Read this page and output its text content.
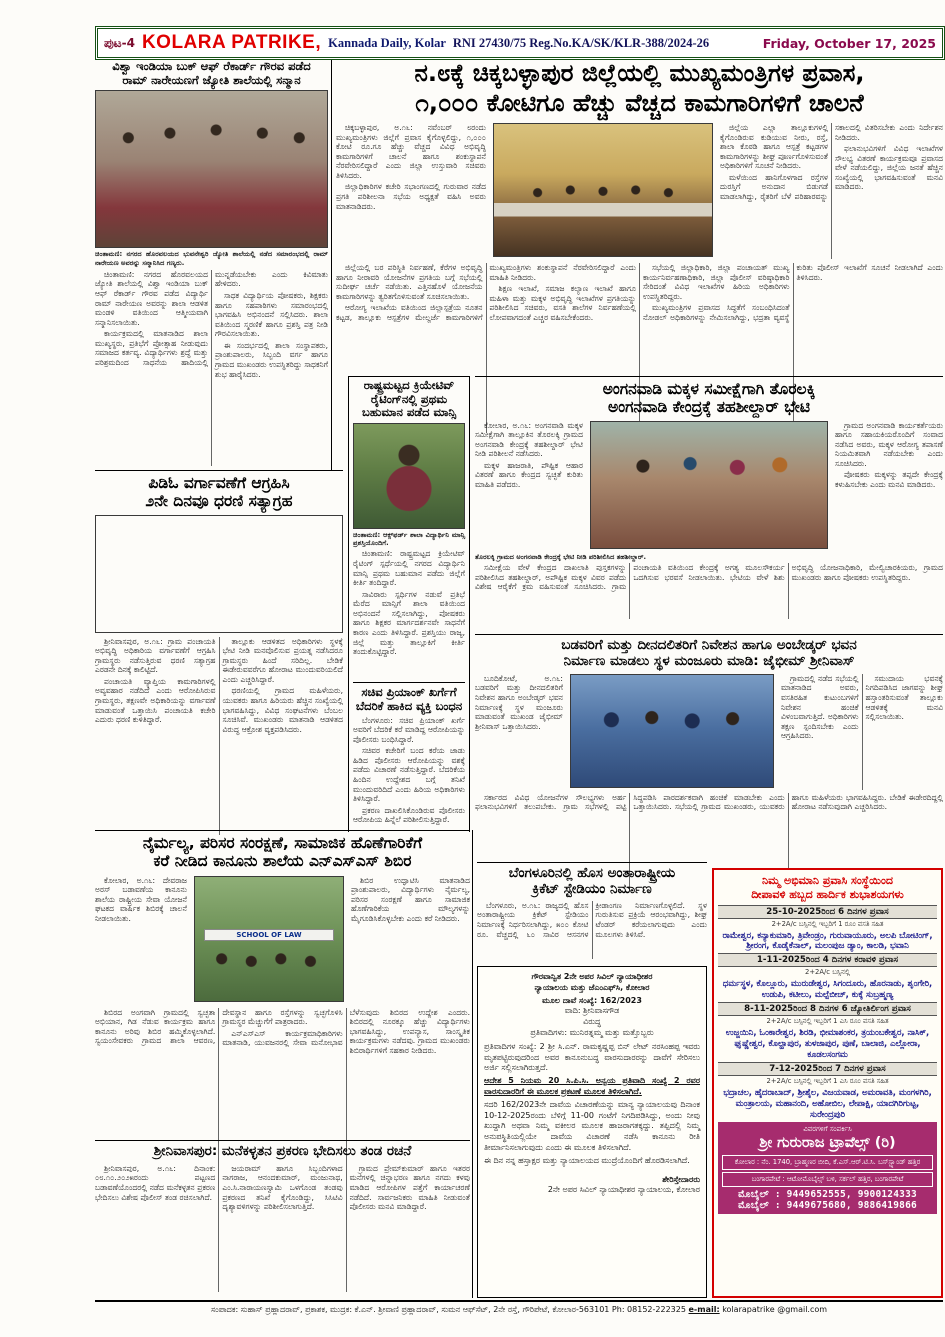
ಪುಟ-4 KOLARA PATRIKE, Kannada Daily, Kolar RNI 27430/75 Reg.No.KA/SK/KLR-388/2024-26	Friday, October 17, 2025
ವಿಶ್ವಾ ಇಂಡಿಯಾ ಬುಕ್ ಆಫ್ ರೆಕಾರ್ಡ್ ಗೌರವ ಪಡೆದ
ರಾಮ್ ನಾರೇಯಣಗೆ ಜ್ಯೋತಿ ಶಾಲೆಯಲ್ಲಿ ಸನ್ಮಾನ
ಚಿಂತಾಮಣಿ: ನಗರದ ಹೊರವಲಯದ ಭುವನೇಶ್ವರಿ ಜ್ಯೋತಿ ಶಾಲೆಯಲ್ಲಿ ನಡೆದ ಸಮಾರಂಭದಲ್ಲಿ ರಾಮ್ ನಾರೇಯಣ ಅವರನ್ನು ಸನ್ಮಾನಿಸಿದ ಗಣ್ಯರು.

ಚಿಂತಾಮಣಿ: ನಗರದ ಹೊರವಲಯದ ಜ್ಯೋತಿ ಶಾಲೆಯಲ್ಲಿ ವಿಶ್ವಾ ಇಂಡಿಯಾ ಬುಕ್ ಆಫ್ ರೆಕಾರ್ಡ್ ಗೌರವ ಪಡೆದ ವಿದ್ಯಾರ್ಥಿ ರಾಮ್ ನಾರೇಯಣ ಅವರನ್ನು ಶಾಲಾ ಆಡಳಿತ ಮಂಡಳಿ ವತಿಯಿಂದ ಆತ್ಮೀಯವಾಗಿ ಸನ್ಮಾನಿಸಲಾಯಿತು.

ಕಾರ್ಯಕ್ರಮದಲ್ಲಿ ಮಾತನಾಡಿದ ಶಾಲಾ ಮುಖ್ಯಸ್ಥರು, ಪ್ರತಿಭೆಗೆ ಪ್ರೋತ್ಸಾಹ ನೀಡುವುದು ಸಮಾಜದ ಕರ್ತವ್ಯ. ವಿದ್ಯಾರ್ಥಿಗಳು ಶ್ರದ್ಧೆ ಮತ್ತು ಪರಿಶ್ರಮದಿಂದ ಸಾಧನೆಯ ಹಾದಿಯಲ್ಲಿ ಮುನ್ನಡೆಯಬೇಕು ಎಂದು ಕಿವಿಮಾತು ಹೇಳಿದರು.

ಸಾಧಕ ವಿದ್ಯಾರ್ಥಿಯ ಪೋಷಕರು, ಶಿಕ್ಷಕರು ಹಾಗೂ ಸಹಪಾಠಿಗಳು ಸಮಾರಂಭದಲ್ಲಿ ಭಾಗವಹಿಸಿ ಅಭಿನಂದನೆ ಸಲ್ಲಿಸಿದರು. ಶಾಲಾ ವತಿಯಿಂದ ಸ್ಮರಣಿಕೆ ಹಾಗೂ ಪ್ರಶಸ್ತಿ ಪತ್ರ ನೀಡಿ ಗೌರವಿಸಲಾಯಿತು.

ಈ ಸಂದರ್ಭದಲ್ಲಿ ಶಾಲಾ ಸಂಸ್ಥಾಪಕರು, ಪ್ರಾಂಶುಪಾಲರು, ಸಿಬ್ಬಂದಿ ವರ್ಗ ಹಾಗೂ ಗ್ರಾಮದ ಮುಖಂಡರು ಉಪಸ್ಥಿತರಿದ್ದು ಸಾಧಕನಿಗೆ ಶುಭ ಹಾರೈಸಿದರು.

ನ.೮ಕ್ಕೆ ಚಿಕ್ಕಬಳ್ಳಾಪುರ ಜಿಲ್ಲೆಯಲ್ಲಿ ಮುಖ್ಯಮಂತ್ರಿಗಳ ಪ್ರವಾಸ,
೧,೦೦೦ ಕೋಟಿಗೂ ಹೆಚ್ಚು ವೆಚ್ಚದ ಕಾಮಗಾರಿಗಳಿಗೆ ಚಾಲನೆ

ಚಿಕ್ಕಬಳ್ಳಾಪುರ, ಅ.೧೬: ನವೆಂಬರ್ ೮ರಂದು ಮುಖ್ಯಮಂತ್ರಿಗಳು ಜಿಲ್ಲೆಗೆ ಪ್ರವಾಸ ಕೈಗೊಳ್ಳಲಿದ್ದು, ೧,೦೦೦ ಕೋಟಿ ರೂ.ಗೂ ಹೆಚ್ಚು ವೆಚ್ಚದ ವಿವಿಧ ಅಭಿವೃದ್ಧಿ ಕಾಮಗಾರಿಗಳಿಗೆ ಚಾಲನೆ ಹಾಗೂ ಶಂಕುಸ್ಥಾಪನೆ ನೆರವೇರಿಸಲಿದ್ದಾರೆ ಎಂದು ಜಿಲ್ಲಾ ಉಸ್ತುವಾರಿ ಸಚಿವರು ತಿಳಿಸಿದರು.

ಜಿಲ್ಲಾಧಿಕಾರಿಗಳ ಕಚೇರಿ ಸಭಾಂಗಣದಲ್ಲಿ ಗುರುವಾರ ನಡೆದ ಪ್ರಗತಿ ಪರಿಶೀಲನಾ ಸಭೆಯ ಅಧ್ಯಕ್ಷತೆ ವಹಿಸಿ ಅವರು ಮಾತನಾಡಿದರು.

ಜಿಲ್ಲೆಯ ಎಲ್ಲಾ ತಾಲ್ಲೂಕುಗಳಲ್ಲಿ ಕೈಗೊಂಡಿರುವ ಕುಡಿಯುವ ನೀರು, ರಸ್ತೆ, ಶಾಲಾ ಕೊಠಡಿ ಹಾಗೂ ಆಸ್ಪತ್ರೆ ಕಟ್ಟಡಗಳ ಕಾಮಗಾರಿಗಳನ್ನು ಶೀಘ್ರ ಪೂರ್ಣಗೊಳಿಸುವಂತೆ ಅಧಿಕಾರಿಗಳಿಗೆ ಸೂಚನೆ ನೀಡಿದರು.

ಮಳೆಯಿಂದ ಹಾನಿಗೊಳಗಾದ ರಸ್ತೆಗಳ ದುರಸ್ತಿಗೆ ಅನುದಾನ ಬಿಡುಗಡೆ ಮಾಡಲಾಗಿದ್ದು, ರೈತರಿಗೆ ಬೆಳೆ ಪರಿಹಾರವನ್ನು ಸಕಾಲದಲ್ಲಿ ವಿತರಿಸಬೇಕು ಎಂದು ನಿರ್ದೇಶನ ನೀಡಿದರು.

ಫಲಾನುಭವಿಗಳಿಗೆ ವಿವಿಧ ಇಲಾಖೆಗಳ ಸೌಲಭ್ಯ ವಿತರಣೆ ಕಾರ್ಯಕ್ರಮವೂ ಪ್ರವಾಸದ ವೇಳೆ ನಡೆಯಲಿದ್ದು, ಜಿಲ್ಲೆಯ ಜನತೆ ಹೆಚ್ಚಿನ ಸಂಖ್ಯೆಯಲ್ಲಿ ಭಾಗವಹಿಸುವಂತೆ ಮನವಿ ಮಾಡಿದರು.

ಜಿಲ್ಲೆಯಲ್ಲಿ ಬರ ಪರಿಸ್ಥಿತಿ ನಿರ್ವಹಣೆ, ಕೆರೆಗಳ ಅಭಿವೃದ್ಧಿ ಹಾಗೂ ನೀರಾವರಿ ಯೋಜನೆಗಳ ಪ್ರಗತಿಯ ಬಗ್ಗೆ ಸಭೆಯಲ್ಲಿ ಸುದೀರ್ಘ ಚರ್ಚೆ ನಡೆಯಿತು. ಎತ್ತಿನಹೊಳೆ ಯೋಜನೆಯ ಕಾಮಗಾರಿಗಳನ್ನು ತ್ವರಿತಗೊಳಿಸುವಂತೆ ಸೂಚಿಸಲಾಯಿತು.

ಆರೋಗ್ಯ ಇಲಾಖೆಯ ವತಿಯಿಂದ ಜಿಲ್ಲಾಸ್ಪತ್ರೆಯ ನೂತನ ಕಟ್ಟಡ, ತಾಲ್ಲೂಕು ಆಸ್ಪತ್ರೆಗಳ ಮೇಲ್ದರ್ಜೆ ಕಾಮಗಾರಿಗಳಿಗೆ ಮುಖ್ಯಮಂತ್ರಿಗಳು ಶಂಕುಸ್ಥಾಪನೆ ನೆರವೇರಿಸಲಿದ್ದಾರೆ ಎಂದು ಮಾಹಿತಿ ನೀಡಿದರು.

ಶಿಕ್ಷಣ ಇಲಾಖೆ, ಸಮಾಜ ಕಲ್ಯಾಣ ಇಲಾಖೆ ಹಾಗೂ ಮಹಿಳಾ ಮತ್ತು ಮಕ್ಕಳ ಅಭಿವೃದ್ಧಿ ಇಲಾಖೆಗಳ ಪ್ರಗತಿಯನ್ನು ಪರಿಶೀಲಿಸಿದ ಸಚಿವರು, ವಸತಿ ಶಾಲೆಗಳ ನಿರ್ವಹಣೆಯಲ್ಲಿ ಲೋಪವಾಗದಂತೆ ಎಚ್ಚರ ವಹಿಸಬೇಕೆಂದರು.

ಸಭೆಯಲ್ಲಿ ಜಿಲ್ಲಾಧಿಕಾರಿ, ಜಿಲ್ಲಾ ಪಂಚಾಯತ್ ಮುಖ್ಯ ಕಾರ್ಯನಿರ್ವಹಣಾಧಿಕಾರಿ, ಜಿಲ್ಲಾ ಪೊಲೀಸ್ ವರಿಷ್ಠಾಧಿಕಾರಿ ಸೇರಿದಂತೆ ವಿವಿಧ ಇಲಾಖೆಗಳ ಹಿರಿಯ ಅಧಿಕಾರಿಗಳು ಉಪಸ್ಥಿತರಿದ್ದರು.

ಮುಖ್ಯಮಂತ್ರಿಗಳ ಪ್ರವಾಸದ ಸಿದ್ಧತೆಗೆ ಸಂಬಂಧಿಸಿದಂತೆ ನೋಡಲ್ ಅಧಿಕಾರಿಗಳನ್ನು ನೇಮಿಸಲಾಗಿದ್ದು, ಭದ್ರತಾ ವ್ಯವಸ್ಥೆ ಕುರಿತು ಪೊಲೀಸ್ ಇಲಾಖೆಗೆ ಸೂಚನೆ ನೀಡಲಾಗಿದೆ ಎಂದು ತಿಳಿಸಿದರು.

ರಾಷ್ಟ್ರಮಟ್ಟದ ಕ್ರಿಯೇಟಿವ್
ರೈಟಿಂಗ್‌ನಲ್ಲಿ ಪ್ರಥಮ
ಬಹುಮಾನ ಪಡೆದ ಮಾನ್ಸಿ
ಚಿಂತಾಮಣಿ: ಆಕ್ಸ್‌ಫರ್ಡ್ ಶಾಲಾ ವಿದ್ಯಾರ್ಥಿನಿ ಮಾನ್ಸಿ ಪ್ರಶಸ್ತಿಯೊಂದಿಗೆ.

ಚಿಂತಾಮಣಿ: ರಾಷ್ಟ್ರಮಟ್ಟದ ಕ್ರಿಯೇಟಿವ್ ರೈಟಿಂಗ್ ಸ್ಪರ್ಧೆಯಲ್ಲಿ ನಗರದ ವಿದ್ಯಾರ್ಥಿನಿ ಮಾನ್ಸಿ ಪ್ರಥಮ ಬಹುಮಾನ ಪಡೆದು ಜಿಲ್ಲೆಗೆ ಕೀರ್ತಿ ತಂದಿದ್ದಾರೆ.

ಸಾವಿರಾರು ಸ್ಪರ್ಧಿಗಳ ನಡುವೆ ಪ್ರತಿಭೆ ಮೆರೆದ ಮಾನ್ಸಿಗೆ ಶಾಲಾ ವತಿಯಿಂದ ಅಭಿನಂದನೆ ಸಲ್ಲಿಸಲಾಗಿದ್ದು, ಪೋಷಕರು ಹಾಗೂ ಶಿಕ್ಷಕರ ಮಾರ್ಗದರ್ಶನವೇ ಸಾಧನೆಗೆ ಕಾರಣ ಎಂದು ತಿಳಿಸಿದ್ದಾರೆ. ಪ್ರಶಸ್ತಿಯು ರಾಜ್ಯ, ಜಿಲ್ಲೆ ಮತ್ತು ತಾಲ್ಲೂಕಿಗೆ ಕೀರ್ತಿ ತಂದುಕೊಟ್ಟಿದ್ದಾರೆ.

ಸಚಿವ ಪ್ರಿಯಾಂಕ್ ಖರ್ಗೆಗೆ
ಬೆದರಿಕೆ ಹಾಕಿದ ವ್ಯಕ್ತಿ ಬಂಧನ

ಬೆಂಗಳೂರು: ಸಚಿವ ಪ್ರಿಯಾಂಕ್ ಖರ್ಗೆ ಅವರಿಗೆ ಬೆದರಿಕೆ ಕರೆ ಮಾಡಿದ್ದ ಆರೋಪಿಯನ್ನು ಪೊಲೀಸರು ಬಂಧಿಸಿದ್ದಾರೆ.

ಸಚಿವರ ಕಚೇರಿಗೆ ಬಂದ ಕರೆಯ ಜಾಡು ಹಿಡಿದ ಪೊಲೀಸರು ಆರೋಪಿಯನ್ನು ವಶಕ್ಕೆ ಪಡೆದು ವಿಚಾರಣೆ ನಡೆಸುತ್ತಿದ್ದಾರೆ. ಬೆದರಿಕೆಯ ಹಿಂದಿನ ಉದ್ದೇಶದ ಬಗ್ಗೆ ತನಿಖೆ ಮುಂದುವರಿದಿದೆ ಎಂದು ಹಿರಿಯ ಅಧಿಕಾರಿಗಳು ತಿಳಿಸಿದ್ದಾರೆ.

ಪ್ರಕರಣ ದಾಖಲಿಸಿಕೊಂಡಿರುವ ಪೊಲೀಸರು ಆರೋಪಿಯ ಹಿನ್ನೆಲೆ ಪರಿಶೀಲಿಸುತ್ತಿದ್ದಾರೆ.

ಪಿಡಿಓ ವರ್ಗಾವಣೆಗೆ ಆಗ್ರಹಿಸಿ
೨ನೇ ದಿನವೂ ಧರಣಿ ಸತ್ಯಾಗ್ರಹ

ಶ್ರೀನಿವಾಸಪುರ, ಅ.೧೬: ಗ್ರಾಮ ಪಂಚಾಯತಿ ಅಭಿವೃದ್ಧಿ ಅಧಿಕಾರಿಯ ವರ್ಗಾವಣೆಗೆ ಆಗ್ರಹಿಸಿ ಗ್ರಾಮಸ್ಥರು ನಡೆಸುತ್ತಿರುವ ಧರಣಿ ಸತ್ಯಾಗ್ರಹ ಎರಡನೇ ದಿನಕ್ಕೆ ಕಾಲಿಟ್ಟಿದೆ.

ಪಂಚಾಯತಿ ವ್ಯಾಪ್ತಿಯ ಕಾಮಗಾರಿಗಳಲ್ಲಿ ಅವ್ಯವಹಾರ ನಡೆದಿದೆ ಎಂದು ಆರೋಪಿಸಿರುವ ಗ್ರಾಮಸ್ಥರು, ತಕ್ಷಣವೇ ಅಧಿಕಾರಿಯನ್ನು ವರ್ಗಾವಣೆ ಮಾಡುವಂತೆ ಒತ್ತಾಯಿಸಿ ಪಂಚಾಯತಿ ಕಚೇರಿ ಎದುರು ಧರಣಿ ಕುಳಿತಿದ್ದಾರೆ.

ತಾಲ್ಲೂಕು ಆಡಳಿತದ ಅಧಿಕಾರಿಗಳು ಸ್ಥಳಕ್ಕೆ ಭೇಟಿ ನೀಡಿ ಮನವೊಲಿಸುವ ಪ್ರಯತ್ನ ನಡೆಸಿದರೂ ಗ್ರಾಮಸ್ಥರು ಹಿಂದೆ ಸರಿದಿಲ್ಲ. ಬೇಡಿಕೆ ಈಡೇರುವವರೆಗೂ ಹೋರಾಟ ಮುಂದುವರಿಯಲಿದೆ ಎಂದು ಎಚ್ಚರಿಸಿದ್ದಾರೆ.

ಧರಣಿಯಲ್ಲಿ ಗ್ರಾಮದ ಮಹಿಳೆಯರು, ಯುವಕರು ಹಾಗೂ ಹಿರಿಯರು ಹೆಚ್ಚಿನ ಸಂಖ್ಯೆಯಲ್ಲಿ ಭಾಗವಹಿಸಿದ್ದು, ವಿವಿಧ ಸಂಘಟನೆಗಳು ಬೆಂಬಲ ಸೂಚಿಸಿವೆ. ಮುಖಂಡರು ಮಾತನಾಡಿ ಆಡಳಿತದ ವಿರುದ್ಧ ಆಕ್ರೋಶ ವ್ಯಕ್ತಪಡಿಸಿದರು.

ಅಂಗನವಾಡಿ ಮಕ್ಕಳ ಸಮೀಕ್ಷೆಗಾಗಿ ತೊರಲಕ್ಕಿ
ಅಂಗನವಾಡಿ ಕೇಂದ್ರಕ್ಕೆ ತಹಶೀಲ್ದಾರ್ ಭೇಟಿ

ಕೋಲಾರ, ಅ.೧೬: ಅಂಗನವಾಡಿ ಮಕ್ಕಳ ಸಮೀಕ್ಷೆಗಾಗಿ ತಾಲ್ಲೂಕಿನ ತೊರಲಕ್ಕಿ ಗ್ರಾಮದ ಅಂಗನವಾಡಿ ಕೇಂದ್ರಕ್ಕೆ ತಹಶೀಲ್ದಾರ್ ಭೇಟಿ ನೀಡಿ ಪರಿಶೀಲನೆ ನಡೆಸಿದರು.

ಮಕ್ಕಳ ಹಾಜರಾತಿ, ಪೌಷ್ಟಿಕ ಆಹಾರ ವಿತರಣೆ ಹಾಗೂ ಕೇಂದ್ರದ ಸ್ವಚ್ಛತೆ ಕುರಿತು ಮಾಹಿತಿ ಪಡೆದರು.

ಗ್ರಾಮದ ಅಂಗನವಾಡಿ ಕಾರ್ಯಕರ್ತೆಯರು ಹಾಗೂ ಸಹಾಯಕಿಯರೊಂದಿಗೆ ಸಂವಾದ ನಡೆಸಿದ ಅವರು, ಮಕ್ಕಳ ಆರೋಗ್ಯ ತಪಾಸಣೆ ನಿಯಮಿತವಾಗಿ ನಡೆಯಬೇಕು ಎಂದು ಸೂಚಿಸಿದರು.

ಪೋಷಕರು ಮಕ್ಕಳನ್ನು ತಪ್ಪದೇ ಕೇಂದ್ರಕ್ಕೆ ಕಳುಹಿಸಬೇಕು ಎಂದು ಮನವಿ ಮಾಡಿದರು.

ತೊರಲಕ್ಕಿ ಗ್ರಾಮದ ಅಂಗನವಾಡಿ ಕೇಂದ್ರಕ್ಕೆ ಭೇಟಿ ನೀಡಿ ಪರಿಶೀಲಿಸಿದ ತಹಶೀಲ್ದಾರ್.

ಸಮೀಕ್ಷೆಯ ವೇಳೆ ಕೇಂದ್ರದ ದಾಖಲಾತಿ ಪುಸ್ತಕಗಳನ್ನು ಪರಿಶೀಲಿಸಿದ ತಹಶೀಲ್ದಾರ್, ಅಪೌಷ್ಟಿಕ ಮಕ್ಕಳ ವಿವರ ಪಡೆದು ವಿಶೇಷ ಆರೈಕೆಗೆ ಕ್ರಮ ವಹಿಸುವಂತೆ ಸೂಚಿಸಿದರು. ಗ್ರಾಮ ಪಂಚಾಯತಿ ವತಿಯಿಂದ ಕೇಂದ್ರಕ್ಕೆ ಅಗತ್ಯ ಮೂಲಸೌಕರ್ಯ ಒದಗಿಸುವ ಭರವಸೆ ನೀಡಲಾಯಿತು. ಭೇಟಿಯ ವೇಳೆ ಶಿಶು ಅಭಿವೃದ್ಧಿ ಯೋಜನಾಧಿಕಾರಿ, ಮೇಲ್ವಿಚಾರಕಿಯರು, ಗ್ರಾಮದ ಮುಖಂಡರು ಹಾಗೂ ಪೋಷಕರು ಉಪಸ್ಥಿತರಿದ್ದರು.

ಬಡವರಿಗೆ ಮತ್ತು ದೀನದಲಿತರಿಗೆ ನಿವೇಶನ ಹಾಗೂ ಅಂಬೇಡ್ಕರ್ ಭವನ
ನಿರ್ಮಾಣ ಮಾಡಲು ಸ್ಥಳ ಮಂಜೂರು ಮಾಡಿ: ಜೈಭೀಮ್ ಶ್ರೀನಿವಾಸ್

ಬೂದಿಕೋಟೆ, ಅ.೧೬: ಬಡವರಿಗೆ ಮತ್ತು ದೀನದಲಿತರಿಗೆ ನಿವೇಶನ ಹಾಗೂ ಅಂಬೇಡ್ಕರ್ ಭವನ ನಿರ್ಮಾಣಕ್ಕೆ ಸ್ಥಳ ಮಂಜೂರು ಮಾಡುವಂತೆ ಮುಖಂಡ ಜೈಭೀಮ್ ಶ್ರೀನಿವಾಸ್ ಒತ್ತಾಯಿಸಿದರು.

ಗ್ರಾಮದಲ್ಲಿ ನಡೆದ ಸಭೆಯಲ್ಲಿ ಮಾತನಾಡಿದ ಅವರು, ವಸತಿರಹಿತ ಕುಟುಂಬಗಳಿಗೆ ನಿವೇಶನ ಹಂಚಿಕೆ ವಿಳಂಬವಾಗುತ್ತಿದೆ. ಅಧಿಕಾರಿಗಳು ತಕ್ಷಣ ಸ್ಪಂದಿಸಬೇಕು ಎಂದು ಆಗ್ರಹಿಸಿದರು.

ಸಮುದಾಯ ಭವನಕ್ಕೆ ನಿಗದಿಪಡಿಸಿದ ಜಾಗವನ್ನು ಶೀಘ್ರ ಹಸ್ತಾಂತರಿಸುವಂತೆ ತಾಲ್ಲೂಕು ಆಡಳಿತಕ್ಕೆ ಮನವಿ ಸಲ್ಲಿಸಲಾಯಿತು.

ಸರ್ಕಾರದ ವಿವಿಧ ಯೋಜನೆಗಳ ಸೌಲಭ್ಯಗಳು ಅರ್ಹ ಫಲಾನುಭವಿಗಳಿಗೆ ತಲುಪಬೇಕು. ಗ್ರಾಮ ಸಭೆಗಳಲ್ಲಿ ಪಟ್ಟಿ ಸಿದ್ಧಪಡಿಸಿ ಪಾರದರ್ಶಕವಾಗಿ ಹಂಚಿಕೆ ಮಾಡಬೇಕು ಎಂದು ಒತ್ತಾಯಿಸಿದರು. ಸಭೆಯಲ್ಲಿ ಗ್ರಾಮದ ಮುಖಂಡರು, ಯುವಕರು ಹಾಗೂ ಮಹಿಳೆಯರು ಭಾಗವಹಿಸಿದ್ದರು. ಬೇಡಿಕೆ ಈಡೇರದಿದ್ದಲ್ಲಿ ಹೋರಾಟ ನಡೆಸುವುದಾಗಿ ಎಚ್ಚರಿಸಿದರು.

ನೈರ್ಮಲ್ಯ, ಪರಿಸರ ಸಂರಕ್ಷಣೆ, ಸಾಮಾಜಿಕ ಹೊಣೆಗಾರಿಕೆಗೆ
ಕರೆ ನೀಡಿದ ಕಾನೂನು ಶಾಲೆಯ ಎನ್‌ಎಸ್‌ಎಸ್ ಶಿಬಿರ

ಕೋಲಾರ, ಅ.೧೬: ದೇವರಾಜ ಅರಸ್ ಬಡಾವಣೆಯ ಕಾನೂನು ಶಾಲೆಯ ರಾಷ್ಟ್ರೀಯ ಸೇವಾ ಯೋಜನೆ ಘಟಕದ ವಾರ್ಷಿಕ ಶಿಬಿರಕ್ಕೆ ಚಾಲನೆ ನೀಡಲಾಯಿತು.

SCHOOL OF LAW

ಶಿಬಿರ ಉದ್ಘಾಟಿಸಿ ಮಾತನಾಡಿದ ಪ್ರಾಂಶುಪಾಲರು, ವಿದ್ಯಾರ್ಥಿಗಳು ನೈರ್ಮಲ್ಯ, ಪರಿಸರ ಸಂರಕ್ಷಣೆ ಹಾಗೂ ಸಾಮಾಜಿಕ ಹೊಣೆಗಾರಿಕೆಯ ಮೌಲ್ಯಗಳನ್ನು ಮೈಗೂಡಿಸಿಕೊಳ್ಳಬೇಕು ಎಂದು ಕರೆ ನೀಡಿದರು.

ಶಿಬಿರದ ಅಂಗವಾಗಿ ಗ್ರಾಮದಲ್ಲಿ ಸ್ವಚ್ಛತಾ ಅಭಿಯಾನ, ಗಿಡ ನೆಡುವ ಕಾರ್ಯಕ್ರಮ ಹಾಗೂ ಕಾನೂನು ಅರಿವು ಶಿಬಿರ ಹಮ್ಮಿಕೊಳ್ಳಲಾಗಿದೆ. ಸ್ವಯಂಸೇವಕರು ಗ್ರಾಮದ ಶಾಲಾ ಆವರಣ, ದೇವಸ್ಥಾನ ಹಾಗೂ ರಸ್ತೆಗಳನ್ನು ಸ್ವಚ್ಛಗೊಳಿಸಿ ಗ್ರಾಮಸ್ಥರ ಮೆಚ್ಚುಗೆಗೆ ಪಾತ್ರರಾದರು.

ಎನ್‌ಎಸ್‌ಎಸ್ ಕಾರ್ಯಕ್ರಮಾಧಿಕಾರಿಗಳು ಮಾತನಾಡಿ, ಯುವಜನರಲ್ಲಿ ಸೇವಾ ಮನೋಭಾವ ಬೆಳೆಸುವುದು ಶಿಬಿರದ ಉದ್ದೇಶ ಎಂದರು. ಶಿಬಿರದಲ್ಲಿ ನೂರಕ್ಕೂ ಹೆಚ್ಚು ವಿದ್ಯಾರ್ಥಿಗಳು ಭಾಗವಹಿಸಿದ್ದು, ಉಪನ್ಯಾಸ, ಸಾಂಸ್ಕೃತಿಕ ಕಾರ್ಯಕ್ರಮಗಳು ನಡೆದವು. ಗ್ರಾಮದ ಮುಖಂಡರು ಶಿಬಿರಾರ್ಥಿಗಳಿಗೆ ಸಹಕಾರ ನೀಡಿದರು.

ಶ್ರೀನಿವಾಸಪುರ: ಮನೆಕಳ್ಳತನ ಪ್ರಕರಣ ಭೇದಿಸಲು ತಂಡ ರಚನೆ

ಶ್ರೀನಿವಾಸಪುರ, ಅ.೧೬: ದಿನಾಂಕ: ೦೮.೧೦.೨೦೨೫ರಂದು ಪಟ್ಟಣದ ಬಡಾವಣೆಯೊಂದರಲ್ಲಿ ನಡೆದ ಮನೆಕಳ್ಳತನ ಪ್ರಕರಣ ಭೇದಿಸಲು ವಿಶೇಷ ಪೊಲೀಸ್ ತಂಡ ರಚಿಸಲಾಗಿದೆ.

ಜಯರಾಮ್ ಹಾಗೂ ಸಿಬ್ಬಂದಿಗಳಾದ ನಾಗರಾಜ, ಆನಂದಕುಮಾರ್, ಮಂಜುನಾಥ, ಎಂ.ಸಿ.ನಾರಾಯಣಸ್ವಾಮಿ ಒಳಗೊಂಡ ತಂಡವು ಪ್ರಕರಣದ ತನಿಖೆ ಕೈಗೊಂಡಿದ್ದು, ಸಿಸಿಟಿವಿ ದೃಶ್ಯಾವಳಿಗಳನ್ನು ಪರಿಶೀಲಿಸಲಾಗುತ್ತಿದೆ.

ಗ್ರಾಮದ ಪ್ರೇಮ್‌ಕುಮಾರ್ ಹಾಗೂ ಇತರರ ಮನೆಗಳಲ್ಲಿ ಚಿನ್ನಾಭರಣ ಹಾಗೂ ನಗದು ಕಳವು ಮಾಡಿದ ಆರೋಪಿಗಳ ಪತ್ತೆಗೆ ಕಾರ್ಯಾಚರಣೆ ನಡೆದಿದೆ. ಸಾರ್ವಜನಿಕರು ಮಾಹಿತಿ ನೀಡುವಂತೆ ಪೊಲೀಸರು ಮನವಿ ಮಾಡಿದ್ದಾರೆ.

ಬೆಂಗಳೂರಿನಲ್ಲಿ ಹೊಸ ಅಂತಾರಾಷ್ಟ್ರೀಯ
ಕ್ರಿಕೆಟ್ ಸ್ಟೇಡಿಯಂ ನಿರ್ಮಾಣ

ಬೆಂಗಳೂರು, ಅ.೧೬: ರಾಜ್ಯದಲ್ಲಿ ಹೊಸ ಅಂತಾರಾಷ್ಟ್ರೀಯ ಕ್ರಿಕೆಟ್ ಸ್ಟೇಡಿಯಂ ನಿರ್ಮಾಣಕ್ಕೆ ನಿರ್ಧರಿಸಲಾಗಿದ್ದು, ೫೦೦ ಕೋಟಿ ರೂ. ವೆಚ್ಚದಲ್ಲಿ ೬೦ ಸಾವಿರ ಆಸನಗಳ ಕ್ರೀಡಾಂಗಣ ನಿರ್ಮಾಣಗೊಳ್ಳಲಿದೆ. ಸ್ಥಳ ಗುರುತಿಸುವ ಪ್ರಕ್ರಿಯೆ ಆರಂಭವಾಗಿದ್ದು, ಶೀಘ್ರ ಟೆಂಡರ್ ಕರೆಯಲಾಗುವುದು ಎಂದು ಮೂಲಗಳು ತಿಳಿಸಿವೆ.

ಗೌರವಾನ್ವಿತ 2ನೇ ಅಪರ ಸಿವಿಲ್ ನ್ಯಾಯಾಧೀಶರ
ನ್ಯಾಯಾಲಯ ಮತ್ತು ಜೆಎಂಎಫ್‌ಸಿ, ಕೋಲಾರ
ಮೂಲ ದಾವೆ ಸಂಖ್ಯೆ: 162/2023
ವಾದಿ: ಶ್ರೀನಿವಾಸಗೌಡ
ವಿರುದ್ಧ
ಪ್ರತಿವಾದಿಗಳು: ಮುನಿರತ್ನಮ್ಮ ಮತ್ತು ಮತ್ತೊಬ್ಬರು
ಪ್ರತಿವಾದಿಗಳ ಸಂಖ್ಯೆ: 2 ಶ್ರೀ ಸಿ.ಎನ್. ರಾಮಕೃಷ್ಣಪ್ಪ ಬಿನ್ ಲೇಟ್ ನರಸಿಂಹಪ್ಪ ಇವರು ಮೃತಪಟ್ಟಿರುವುದರಿಂದ ಅವರ ಕಾನೂನುಬದ್ಧ ವಾರಸುದಾರರನ್ನು ದಾವೆಗೆ ಸೇರಿಸಲು ಅರ್ಜಿ ಸಲ್ಲಿಸಲಾಗಿರುತ್ತದೆ.
ಆದೇಶ 5 ನಿಯಮ 20 ಸಿ.ಪಿ.ಸಿ. ಅನ್ವಯ ಪ್ರತಿವಾದಿ ಸಂಖ್ಯೆ 2 ರವರ ವಾರಸುದಾರರಿಗೆ ಈ ಮೂಲಕ ಪ್ರಕಟಣೆ ಮೂಲಕ ತಿಳಿಸಲಾಗಿದೆ.
ಸದರಿ 162/2023ನೇ ದಾವೆಯ ವಿಚಾರಣೆಯನ್ನು ಮಾನ್ಯ ನ್ಯಾಯಾಲಯವು ದಿನಾಂಕ 10-12-2025ರಂದು ಬೆಳಿಗ್ಗೆ 11-00 ಗಂಟೆಗೆ ನಿಗದಿಪಡಿಸಿದ್ದು, ಅಂದು ನೀವು ಖುದ್ದಾಗಿ ಅಥವಾ ನಿಮ್ಮ ವಕೀಲರ ಮೂಲಕ ಹಾಜರಾಗತಕ್ಕದ್ದು. ತಪ್ಪಿದಲ್ಲಿ ನಿಮ್ಮ ಅನುಪಸ್ಥಿತಿಯಲ್ಲಿಯೇ ದಾವೆಯ ವಿಚಾರಣೆ ನಡೆಸಿ ಕಾನೂನು ರೀತಿ ತೀರ್ಮಾನಿಸಲಾಗುವುದು ಎಂದು ಈ ಮೂಲಕ ತಿಳಿಸಲಾಗಿದೆ.
ಈ ದಿನ ನನ್ನ ಹಸ್ತಾಕ್ಷರ ಮತ್ತು ನ್ಯಾಯಾಲಯದ ಮುದ್ರೆಯೊಂದಿಗೆ ಹೊರಡಿಸಲಾಗಿದೆ.
ಶೇರಿಸ್ತೇದಾರರು
2ನೇ ಅಪರ ಸಿವಿಲ್ ನ್ಯಾಯಾಧೀಶರ ನ್ಯಾಯಾಲಯ, ಕೋಲಾರ
ನಿಮ್ಮ ಅಭಿಮಾನಿ ಪ್ರವಾಸಿ ಸಂಸ್ಥೆಯಿಂದ
ದೀಪಾವಳಿ ಹಬ್ಬದ ಹಾರ್ದಿಕ ಶುಭಾಶಯಗಳು
25-10-2025ರಿಂದ 6 ದಿನಗಳ ಪ್ರವಾಸ
2+2A/c ಬಸ್ಸಿನಲ್ಲಿ ಇಬ್ಬರಿಗೆ 1 ರೂಂ ವಸತಿ ಸಹಿತ
ರಾಮೇಶ್ವರ, ಕನ್ಯಾಕುಮಾರಿ, ತ್ರಿವೇಂಡ್ರಂ, ಗುರುವಾಯೂರು, ಅಲಪಿ ಬೋಟಿಂಗ್, ಶ್ರೀರಂಗ, ಕೊಡೈಕೆನಾಲ್, ಮಲಂಪುಜ ಡ್ಯಾಂ, ಕಾಲಡಿ, ಭವಾನಿ
1-11-2025ರಿಂದ 4 ದಿನಗಳ ಕರಾವಳಿ ಪ್ರವಾಸ
2+2A/c ಬಸ್ಸಿನಲ್ಲಿ
ಧರ್ಮಸ್ಥಳ, ಕೊಲ್ಲೂರು, ಮುರುಡೇಶ್ವರ, ಸಿಗಂದೂರು, ಹೊರನಾಡು, ಶೃಂಗೇರಿ, ಉಡುಪಿ, ಕಟೀಲು, ಮಲ್ಪೆಬೀಚ್, ಕುಕ್ಕೆ ಸುಬ್ರಹ್ಮಣ್ಯ
8-11-2025ರಿಂದ 8 ದಿನಗಳ 6 ಜ್ಯೋತಿರ್ಲಿಂಗ ಪ್ರವಾಸ
2+2A/c ಬಸ್ಸಿನಲ್ಲಿ ಇಬ್ಬರಿಗೆ 1 ಎಸಿ ರೂಂ ವಸತಿ ಸಹಿತ
ಉಜ್ಜಯಿನಿ, ಓಂಕಾರೇಶ್ವರ, ಶಿರಡಿ, ಭೀಮಾಶಂಕರ, ತ್ರಯಂಬಕೇಶ್ವರ, ನಾಸಿಕ್, ಘೃಷ್ಣೇಶ್ವರ, ಕೊಲ್ಹಾಪುರ, ತುಳಜಾಪುರ, ಪುಣೆ, ಬಾಲಾಜಿ, ಎಲ್ಲೋರಾ, ಕೂಡಲಸಂಗಮ
7-12-2025ರಿಂದ 7 ದಿನಗಳ ಪ್ರವಾಸ
2+2A/c ಬಸ್ಸಿನಲ್ಲಿ ಇಬ್ಬರಿಗೆ 1 ಎಸಿ ರೂಂ ವಸತಿ ಸಹಿತ
ಭದ್ರಾಚಲ, ಹೈದರಾಬಾದ್, ಶ್ರೀಶೈಲ, ವಿಜಯವಾಡ, ಅಮರಾವತಿ, ಮಂಗಳಗಿರಿ, ಮಂತ್ರಾಲಯ, ಮಹಾನಂದಿ, ಅಹೋಬಿಲ, ಲೇಪಾಕ್ಷಿ, ಯಾದಗಿರಿಗುಟ್ಟ, ಸುರೇಂದ್ರಪುರಿ
ವಿವರಗಳಿಗೆ ಸಂಪರ್ಕಿಸಿ
ಶ್ರೀ ಗುರುರಾಜ ಟ್ರಾವೆಲ್ಸ್ (ರಿ)
ಕೋಲಾರ : ನೆಂ. 1740, ಬ್ರಾಹ್ಮಣರ ಬೀದಿ, ಕೆ.ಎಸ್.ಆರ್.ಟಿ.ಸಿ. ಬಸ್‌ಸ್ಟ್ಯಾಂಡ್ ಹತ್ತಿರ
ಬಂಗಾರಪೇಟೆ : ಆಟೋಮೊಬೈಲ್ಸ್ ಬಳಿ, ಸರ್ಕಲ್ ಹತ್ತಿರ, ಬಂಗಾರಪೇಟೆ
ಮೊಬೈಲ್ : 9449652555, 9900124333
ಮೊಬೈಲ್ : 9449675680, 9886419866
ಸಂಪಾದಕ: ಸುಹಾಸ್ ಪ್ರಹ್ಲಾದರಾವ್, ಪ್ರಕಾಶಕ, ಮುದ್ರಕ: ಕೆ.ಎನ್. ಶ್ರೀವಾಣಿ ಪ್ರಹ್ಲಾದರಾವ್, ಸುಮನ ಆಫ್‌ಸೆಟ್, 2ನೇ ರಸ್ತೆ, ಗೌರಿಪೇಟೆ, ಕೋಲಾರ-563101 Ph: 08152-222325 e-mail: kolarapatrike @gmail.com
